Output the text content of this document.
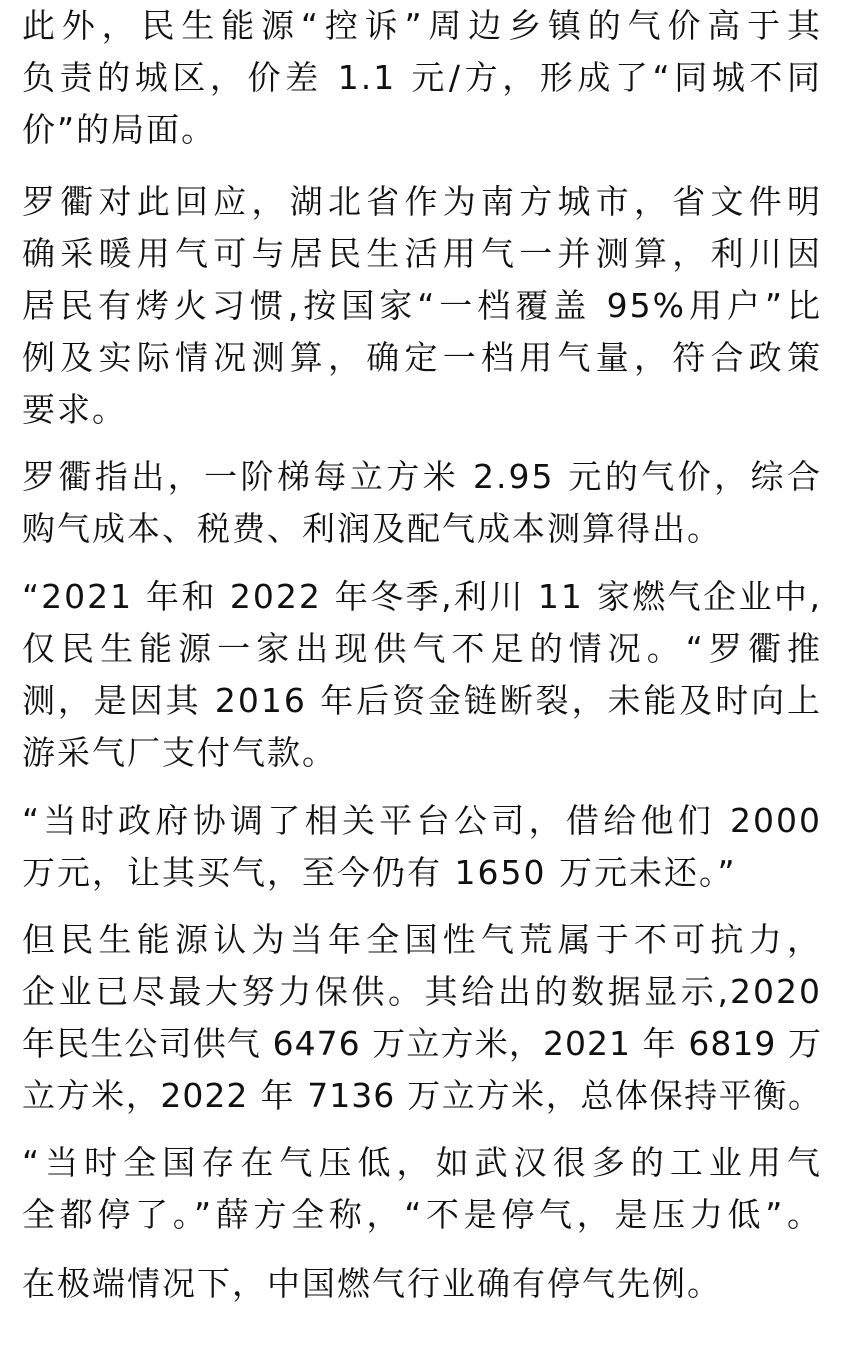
此外，民生能源“控诉”周边乡镇的气价高于其
负责的城区，价差 1.1 元/方，形成了“同城不同
价”的局面。
罗衢对此回应，湖北省作为南方城市，省文件明
确采暖用气可与居民生活用气一并测算，利川因
居民有烤火习惯,按国家“一档覆盖 95%用户”比
例及实际情况测算，确定一档用气量，符合政策
要求。
罗衢指出，一阶梯每立方米 2.95 元的气价，综合
购气成本、税费、利润及配气成本测算得出。
“2021 年和 2022 年冬季,利川 11 家燃气企业中,
仅民生能源一家出现供气不足的情况。“罗衢推
测，是因其 2016 年后资金链断裂，未能及时向上
游采气厂支付气款。
“当时政府协调了相关平台公司，借给他们 2000
万元，让其买气，至今仍有 1650 万元未还。”
但民生能源认为当年全国性气荒属于不可抗力，
企业已尽最大努力保供。其给出的数据显示,2020
年民生公司供气 6476 万立方米，2021 年 6819 万
立方米，2022 年 7136 万立方米，总体保持平衡。
“当时全国存在气压低，如武汉很多的工业用气
全都停了。”薛方全称，“不是停气，是压力低”。
在极端情况下，中国燃气行业确有停气先例。
